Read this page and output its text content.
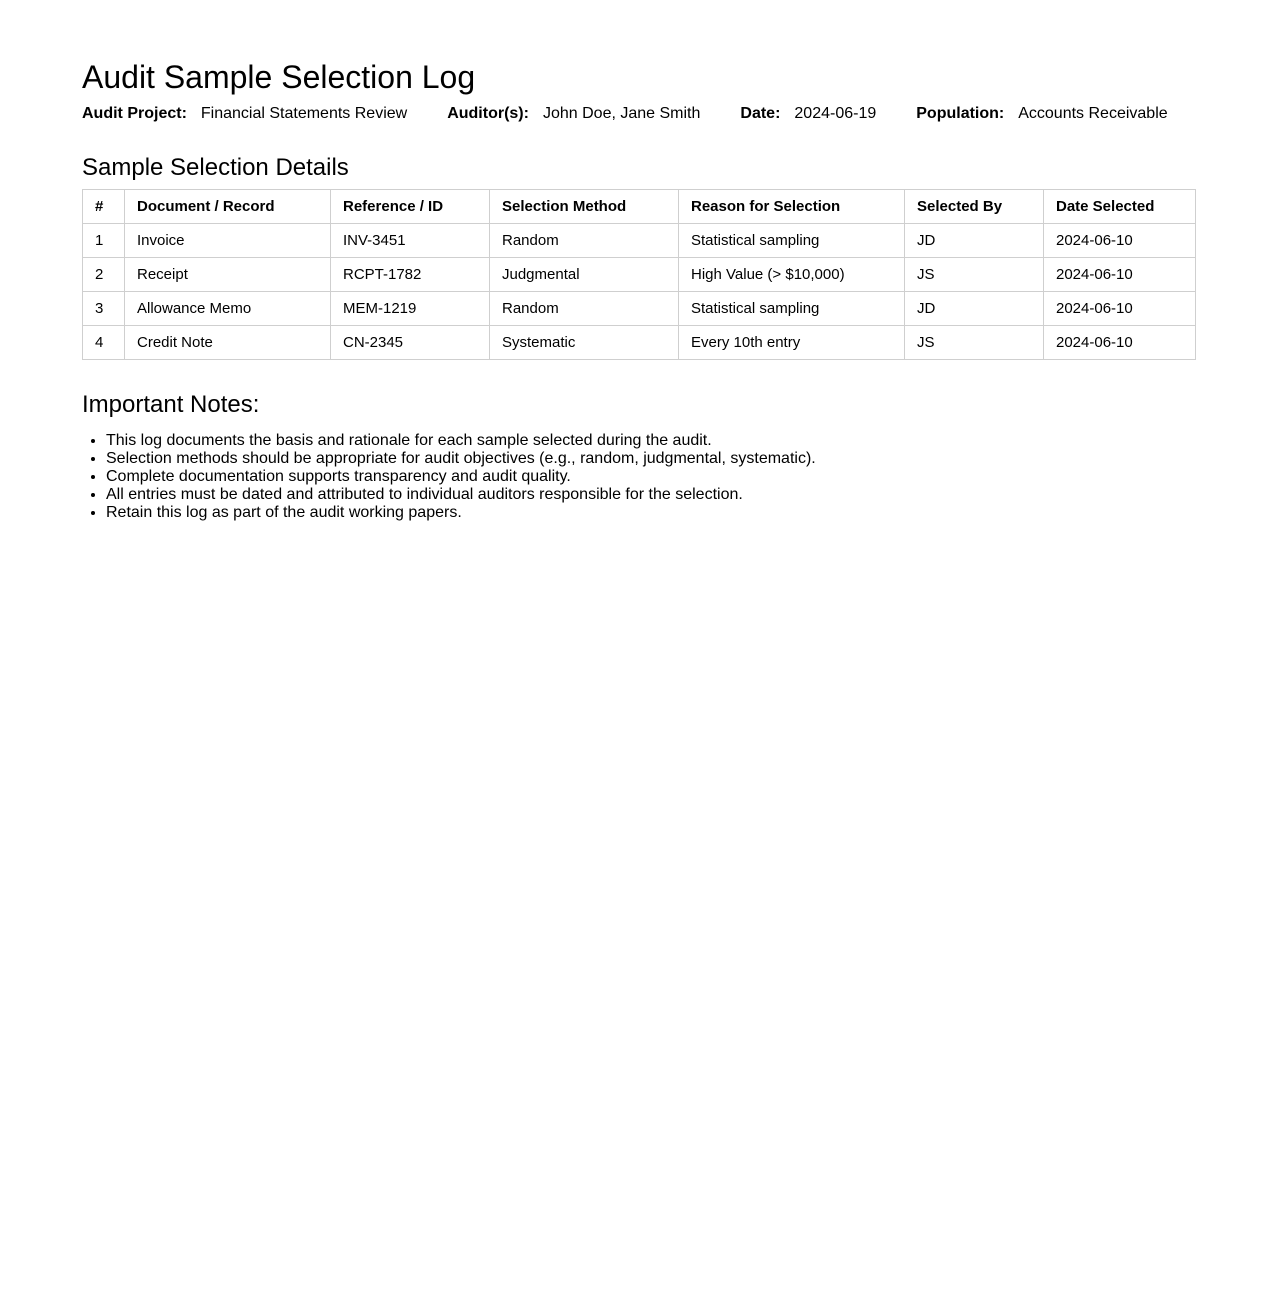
Audit Sample Selection Log
Audit Project: Financial Statements Review	Auditor(s): John Doe, Jane Smith	Date: 2024-06-19	Population: Accounts Receivable
Sample Selection Details
#	Document / Record	Reference / ID	Selection Method	Reason for Selection	Selected By	Date Selected
1	Invoice	INV-3451	Random	Statistical sampling	JD	2024-06-10
2	Receipt	RCPT-1782	Judgmental	High Value (> $10,000)	JS	2024-06-10
3	Allowance Memo	MEM-1219	Random	Statistical sampling	JD	2024-06-10
4	Credit Note	CN-2345	Systematic	Every 10th entry	JS	2024-06-10
Important Notes:
• This log documents the basis and rationale for each sample selected during the audit.
• Selection methods should be appropriate for audit objectives (e.g., random, judgmental, systematic).
• Complete documentation supports transparency and audit quality.
• All entries must be dated and attributed to individual auditors responsible for the selection.
• Retain this log as part of the audit working papers.
